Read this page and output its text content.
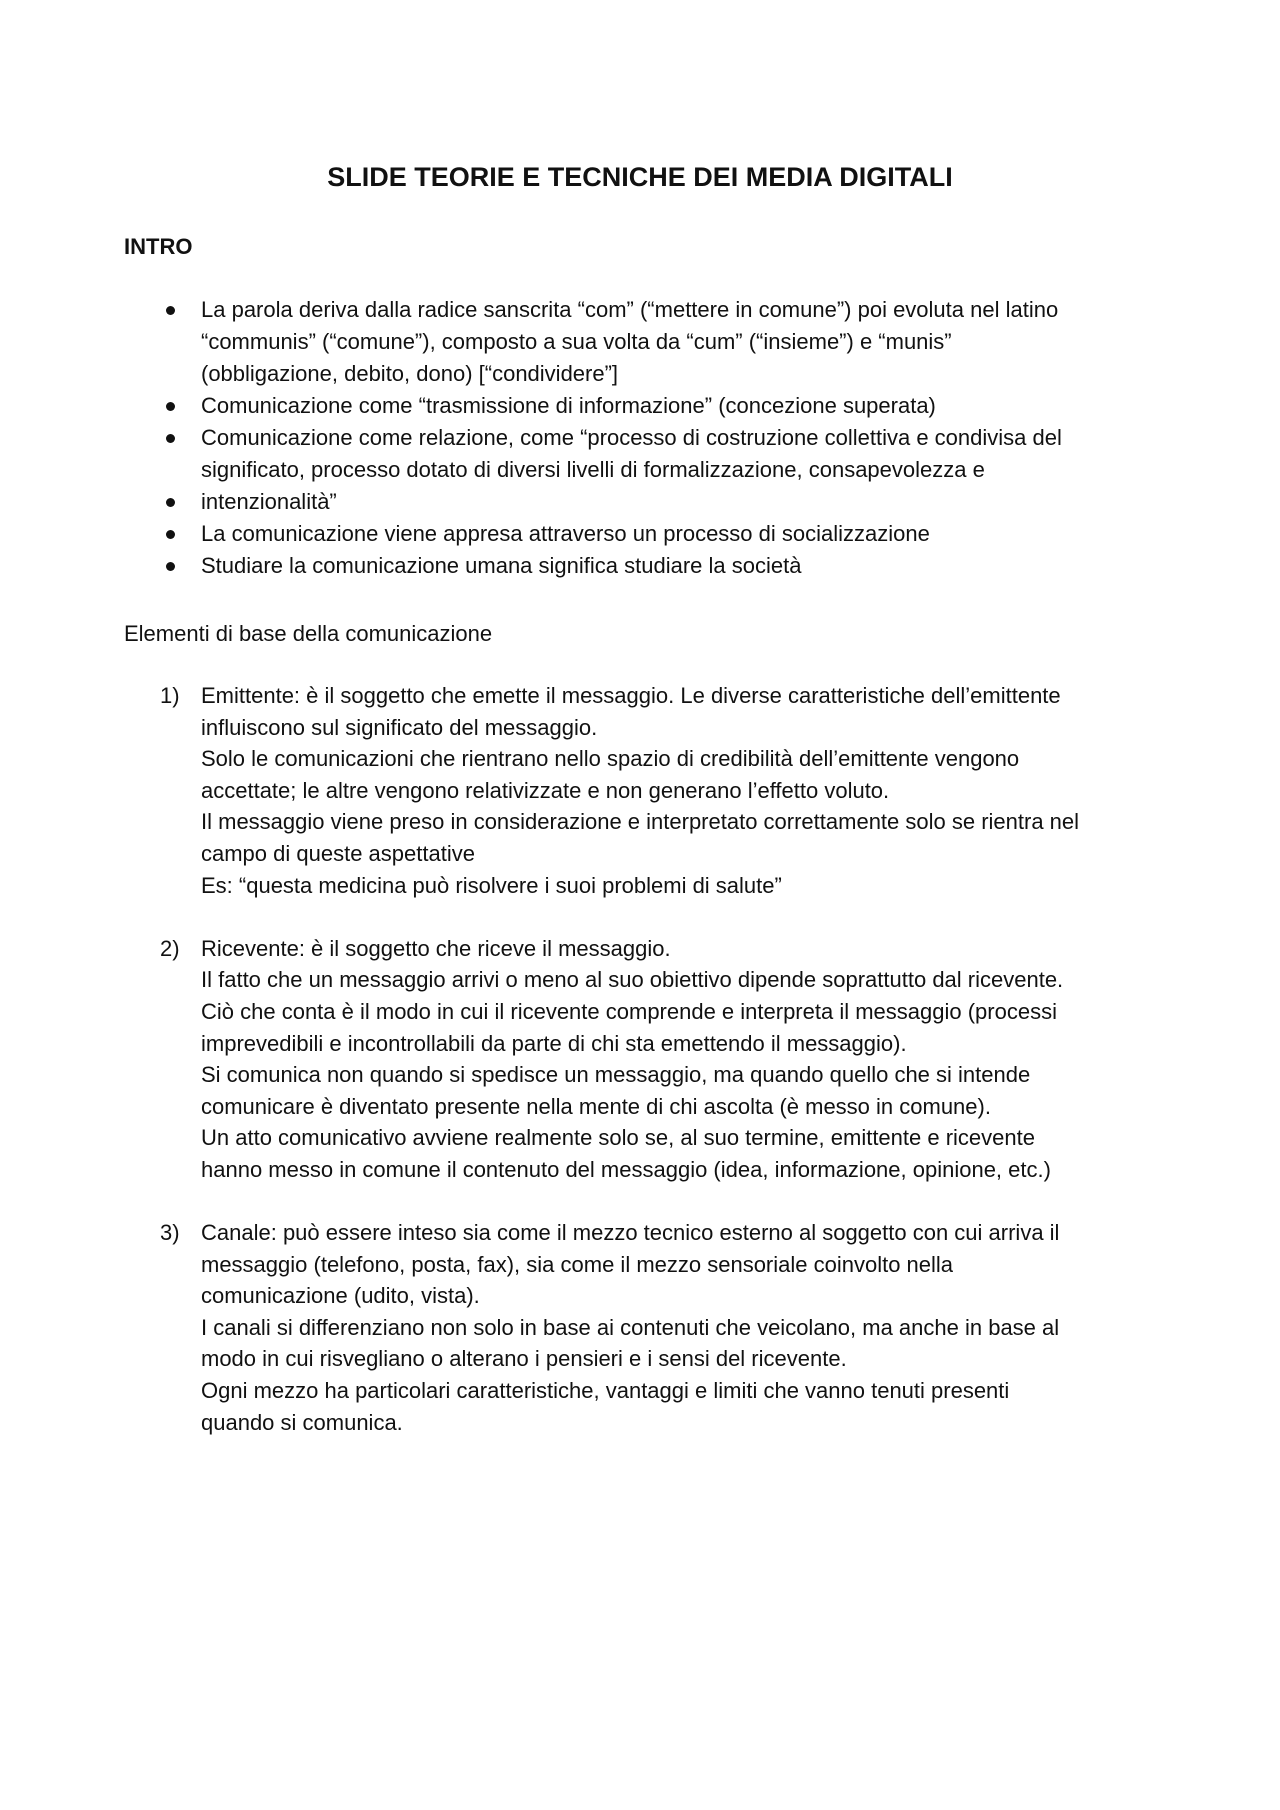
SLIDE TEORIE E TECNICHE DEI MEDIA DIGITALI
INTRO
La parola deriva dalla radice sanscrita “com” (“mettere in comune”) poi evoluta nel latino
“communis” (“comune”), composto a sua volta da “cum” (“insieme”) e “munis”
(obbligazione, debito, dono) [“condividere”]
Comunicazione come “trasmissione di informazione” (concezione superata)
Comunicazione come relazione, come “processo di costruzione collettiva e condivisa del
significato, processo dotato di diversi livelli di formalizzazione, consapevolezza e
intenzionalità”
La comunicazione viene appresa attraverso un processo di socializzazione
Studiare la comunicazione umana significa studiare la società

Elementi di base della comunicazione

1) Emittente: è il soggetto che emette il messaggio. Le diverse caratteristiche dell’emittente
influiscono sul significato del messaggio.
Solo le comunicazioni che rientrano nello spazio di credibilità dell’emittente vengono
accettate; le altre vengono relativizzate e non generano l’effetto voluto.
Il messaggio viene preso in considerazione e interpretato correttamente solo se rientra nel
campo di queste aspettative
Es: “questa medicina può risolvere i suoi problemi di salute”
2) Ricevente: è il soggetto che riceve il messaggio.
Il fatto che un messaggio arrivi o meno al suo obiettivo dipende soprattutto dal ricevente.
Ciò che conta è il modo in cui il ricevente comprende e interpreta il messaggio (processi
imprevedibili e incontrollabili da parte di chi sta emettendo il messaggio).
Si comunica non quando si spedisce un messaggio, ma quando quello che si intende
comunicare è diventato presente nella mente di chi ascolta (è messo in comune).
Un atto comunicativo avviene realmente solo se, al suo termine, emittente e ricevente
hanno messo in comune il contenuto del messaggio (idea, informazione, opinione, etc.)
3) Canale: può essere inteso sia come il mezzo tecnico esterno al soggetto con cui arriva il
messaggio (telefono, posta, fax), sia come il mezzo sensoriale coinvolto nella
comunicazione (udito, vista).
I canali si differenziano non solo in base ai contenuti che veicolano, ma anche in base al
modo in cui risvegliano o alterano i pensieri e i sensi del ricevente.
Ogni mezzo ha particolari caratteristiche, vantaggi e limiti che vanno tenuti presenti
quando si comunica.
